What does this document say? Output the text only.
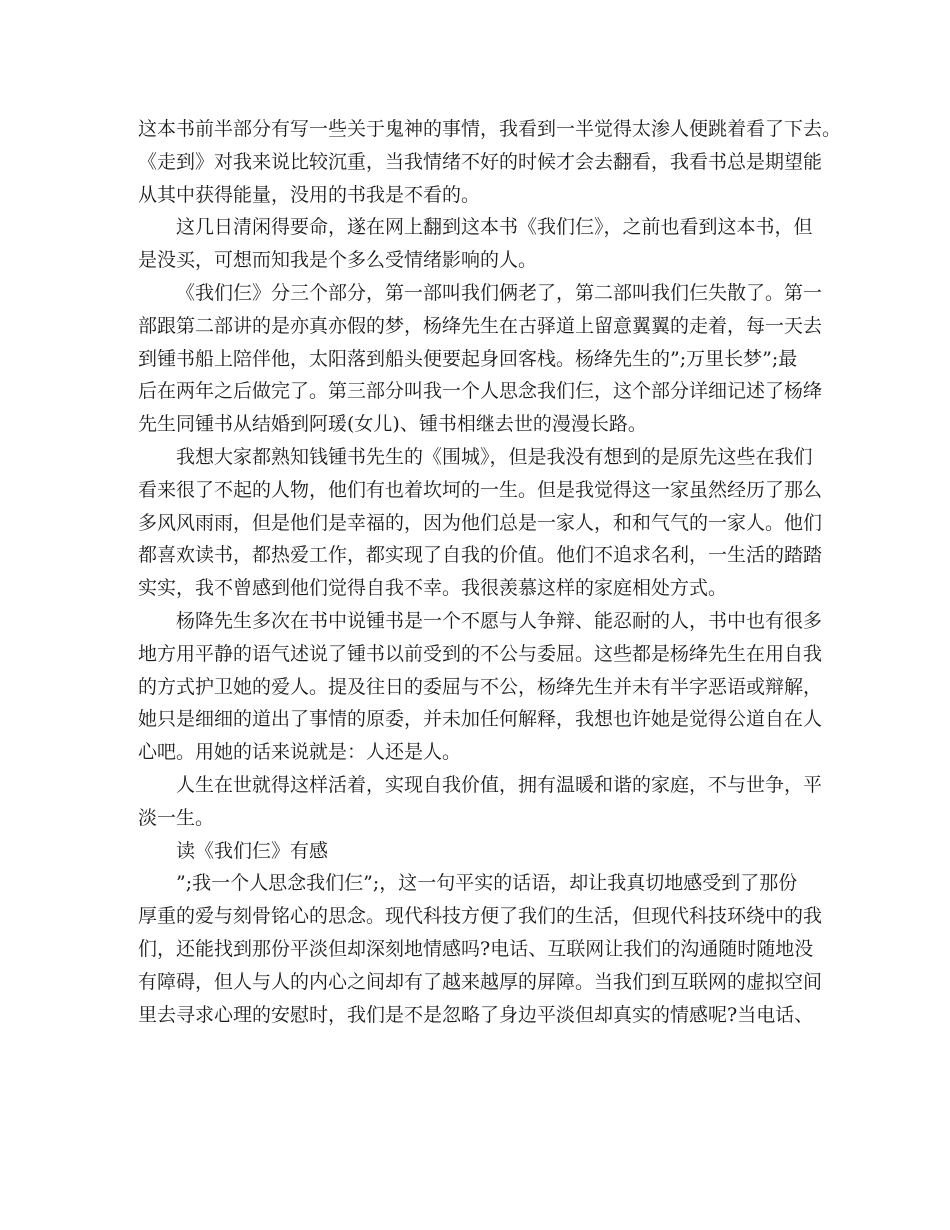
这本书前半部分有写一些关于鬼神的事情，我看到一半觉得太渗人便跳着看了下去。
《走到》对我来说比较沉重，当我情绪不好的时候才会去翻看，我看书总是期望能
从其中获得能量，没用的书我是不看的。
这几日清闲得要命，遂在网上翻到这本书《我们仨》，之前也看到这本书，但
是没买，可想而知我是个多么受情绪影响的人。
《我们仨》分三个部分，第一部叫我们俩老了，第二部叫我们仨失散了。第一
部跟第二部讲的是亦真亦假的梦，杨绛先生在古驿道上留意翼翼的走着，每一天去
到锺书船上陪伴他，太阳落到船头便要起身回客栈。杨绛先生的”;万里长梦”;最
后在两年之后做完了。第三部分叫我一个人思念我们仨，这个部分详细记述了杨绛
先生同锺书从结婚到阿瑗(女儿)、锺书相继去世的漫漫长路。
我想大家都熟知钱锺书先生的《围城》，但是我没有想到的是原先这些在我们
看来很了不起的人物，他们有也着坎坷的一生。但是我觉得这一家虽然经历了那么
多风风雨雨，但是他们是幸福的，因为他们总是一家人，和和气气的一家人。他们
都喜欢读书，都热爱工作，都实现了自我的价值。他们不追求名利，一生活的踏踏
实实，我不曾感到他们觉得自我不幸。我很羡慕这样的家庭相处方式。
杨降先生多次在书中说锺书是一个不愿与人争辩、能忍耐的人，书中也有很多
地方用平静的语气述说了锺书以前受到的不公与委屈。这些都是杨绛先生在用自我
的方式护卫她的爱人。提及往日的委屈与不公，杨绛先生并未有半字恶语或辩解，
她只是细细的道出了事情的原委，并未加任何解释，我想也许她是觉得公道自在人
心吧。用她的话来说就是：人还是人。
人生在世就得这样活着，实现自我价值，拥有温暖和谐的家庭，不与世争，平
淡一生。
读《我们仨》有感
”;我一个人思念我们仨”;，这一句平实的话语，却让我真切地感受到了那份
厚重的爱与刻骨铭心的思念。现代科技方便了我们的生活，但现代科技环绕中的我
们，还能找到那份平淡但却深刻地情感吗?电话、互联网让我们的沟通随时随地没
有障碍，但人与人的内心之间却有了越来越厚的屏障。当我们到互联网的虚拟空间
里去寻求心理的安慰时，我们是不是忽略了身边平淡但却真实的情感呢?当电话、
